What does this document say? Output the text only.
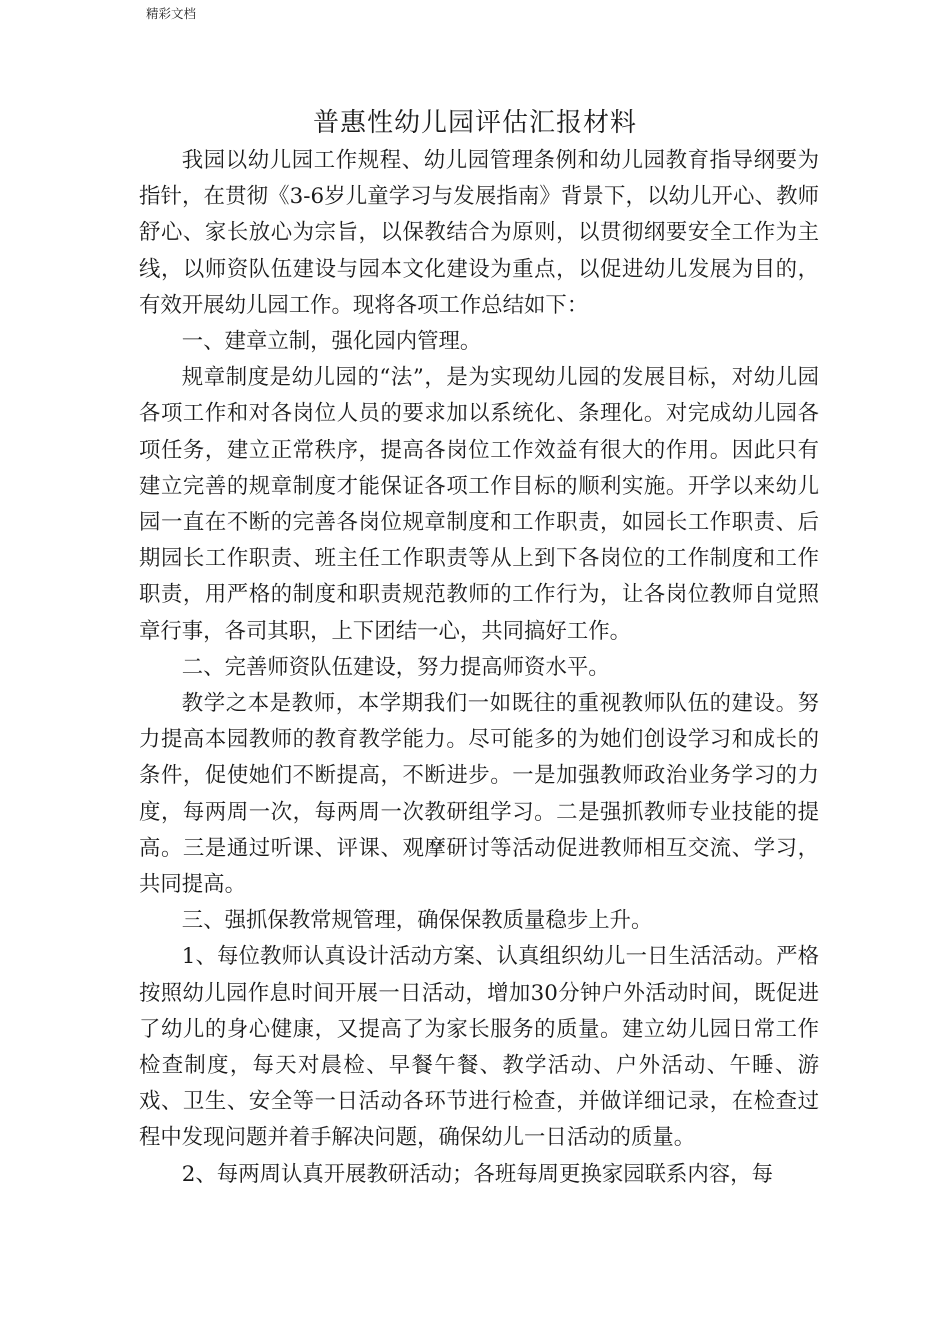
精彩文档
普惠性幼儿园评估汇报材料

我园以幼儿园工作规程、幼儿园管理条例和幼儿园教育指导纲要为指针，在贯彻《3-6岁儿童学习与发展指南》背景下，以幼儿开心、教师舒心、家长放心为宗旨，以保教结合为原则，以贯彻纲要安全工作为主线，以师资队伍建设与园本文化建设为重点，以促进幼儿发展为目的，有效开展幼儿园工作。现将各项工作总结如下：

一、建章立制，强化园内管理。

规章制度是幼儿园的“法”，是为实现幼儿园的发展目标，对幼儿园各项工作和对各岗位人员的要求加以系统化、条理化。对完成幼儿园各项任务，建立正常秩序，提高各岗位工作效益有很大的作用。因此只有建立完善的规章制度才能保证各项工作目标的顺利实施。开学以来幼儿园一直在不断的完善各岗位规章制度和工作职责，如园长工作职责、后期园长工作职责、班主任工作职责等从上到下各岗位的工作制度和工作职责，用严格的制度和职责规范教师的工作行为，让各岗位教师自觉照章行事，各司其职，上下团结一心，共同搞好工作。

二、完善师资队伍建设，努力提高师资水平。

教学之本是教师，本学期我们一如既往的重视教师队伍的建设。努力提高本园教师的教育教学能力。尽可能多的为她们创设学习和成长的条件，促使她们不断提高，不断进步。一是加强教师政治业务学习的力度，每两周一次，每两周一次教研组学习。二是强抓教师专业技能的提高。三是通过听课、评课、观摩研讨等活动促进教师相互交流、学习，共同提高。

三、强抓保教常规管理，确保保教质量稳步上升。

1、每位教师认真设计活动方案、认真组织幼儿一日生活活动。严格按照幼儿园作息时间开展一日活动，增加30分钟户外活动时间，既促进了幼儿的身心健康，又提高了为家长服务的质量。建立幼儿园日常工作检查制度，每天对晨检、早餐午餐、教学活动、户外活动、午睡、游戏、卫生、安全等一日活动各环节进行检查，并做详细记录，在检查过程中发现问题并着手解决问题，确保幼儿一日活动的质量。

2、每两周认真开展教研活动；各班每周更换家园联系内容，每
